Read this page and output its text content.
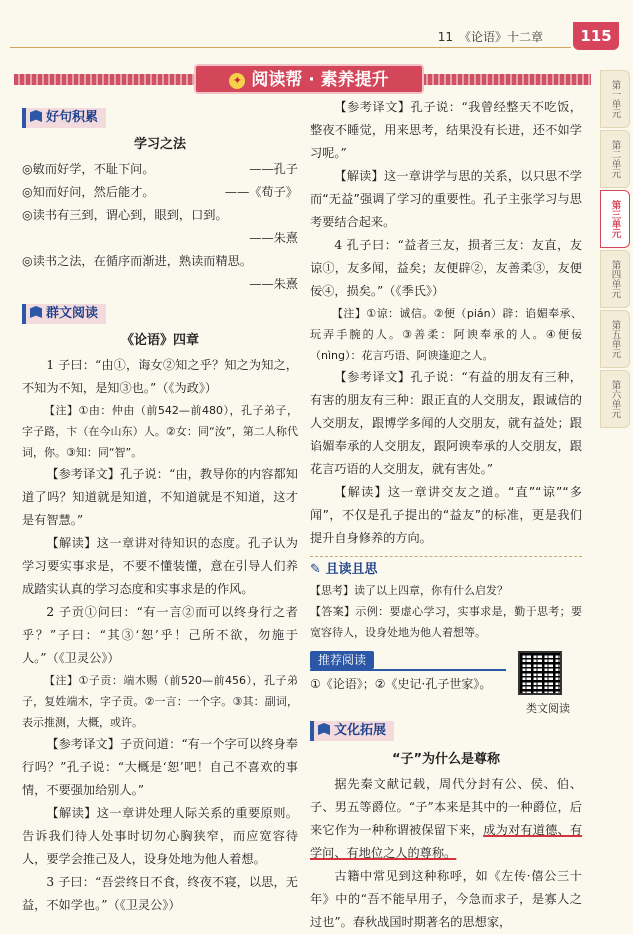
11　《论语》十二章	115
✦ 阅读帮 · 素养提升
好句积累
学习之法
◎敏而好学，不耻下问。	——孔子
◎知而好问，然后能才。	——《荀子》
◎读书有三到，谓心到，眼到，口到。
——朱熹
◎读书之法，在循序而渐进，熟读而精思。
——朱熹
群文阅读
《论语》四章

1 子曰：“由①，诲女②知之乎？知之为知之，不知为不知，是知③也。”（《为政》）

【注】①由：仲由（前542—前480），孔子弟子，字子路，卞（在今山东）人。②女：同“汝”，第二人称代词，你。③知：同“智”。

【参考译文】孔子说：“由，教导你的内容都知道了吗？知道就是知道，不知道就是不知道，这才是有智慧。”

【解读】这一章讲对待知识的态度。孔子认为学习要实事求是，不要不懂装懂，意在引导人们养成踏实认真的学习态度和实事求是的作风。

2 子贡①问曰：“有一言②而可以终身行之者乎？”子曰：“其③‘恕’乎！己所不欲，勿施于人。”（《卫灵公》）

【注】①子贡：端木赐（前520—前456），孔子弟子，复姓端木，字子贡。②一言：一个字。③其：副词，表示推测，大概，或许。

【参考译文】子贡问道：“有一个字可以终身奉行吗？”孔子说：“大概是‘恕’吧！自己不喜欢的事情，不要强加给别人。”

【解读】这一章讲处理人际关系的重要原则。告诉我们待人处事时切勿心胸狭窄，而应宽容待人，要学会推己及人，设身处地为他人着想。

3 子曰：“吾尝终日不食，终夜不寝，以思，无益，不如学也。”（《卫灵公》）

【参考译文】孔子说：“我曾经整天不吃饭，整夜不睡觉，用来思考，结果没有长进，还不如学习呢。”

【解读】这一章讲学与思的关系，以只思不学而“无益”强调了学习的重要性。孔子主张学习与思考要结合起来。

4 孔子曰：“益者三友，损者三友：友直，友谅①，友多闻，益矣；友便辟②，友善柔③，友便佞④，损矣。”（《季氏》）

【注】①谅：诚信。②便（pián）辟：谄媚奉承、玩弄手腕的人。③善柔：阿谀奉承的人。④便佞（nìng）：花言巧语、阿谀逢迎之人。

【参考译文】孔子说：“有益的朋友有三种，有害的朋友有三种：跟正直的人交朋友，跟诚信的人交朋友，跟博学多闻的人交朋友，就有益处；跟谄媚奉承的人交朋友，跟阿谀奉承的人交朋友，跟花言巧语的人交朋友，就有害处。”

【解读】这一章讲交友之道。“直”“谅”“多闻”，不仅是孔子提出的“益友”的标准，更是我们提升自身修养的方向。

✎ 且读且思

【思考】读了以上四章，你有什么启发？

【答案】示例：要虚心学习，实事求是，勤于思考；要宽容待人，设身处地为他人着想等。

推荐阅读
①《论语》；②《史记·孔子世家》。
类文阅读
文化拓展
“子”为什么是尊称

据先秦文献记载，周代分封有公、侯、伯、子、男五等爵位。“子”本来是其中的一种爵位，后来它作为一种称谓被保留下来，成为对有道德、有学问、有地位之人的尊称。

古籍中常见到这种称呼，如《左传·僖公三十年》中的“吾不能早用子，今急而求子，是寡人之过也”。春秋战国时期著名的思想家，

第一单元
第二单元
第三单元
第四单元
第五单元
第六单元
